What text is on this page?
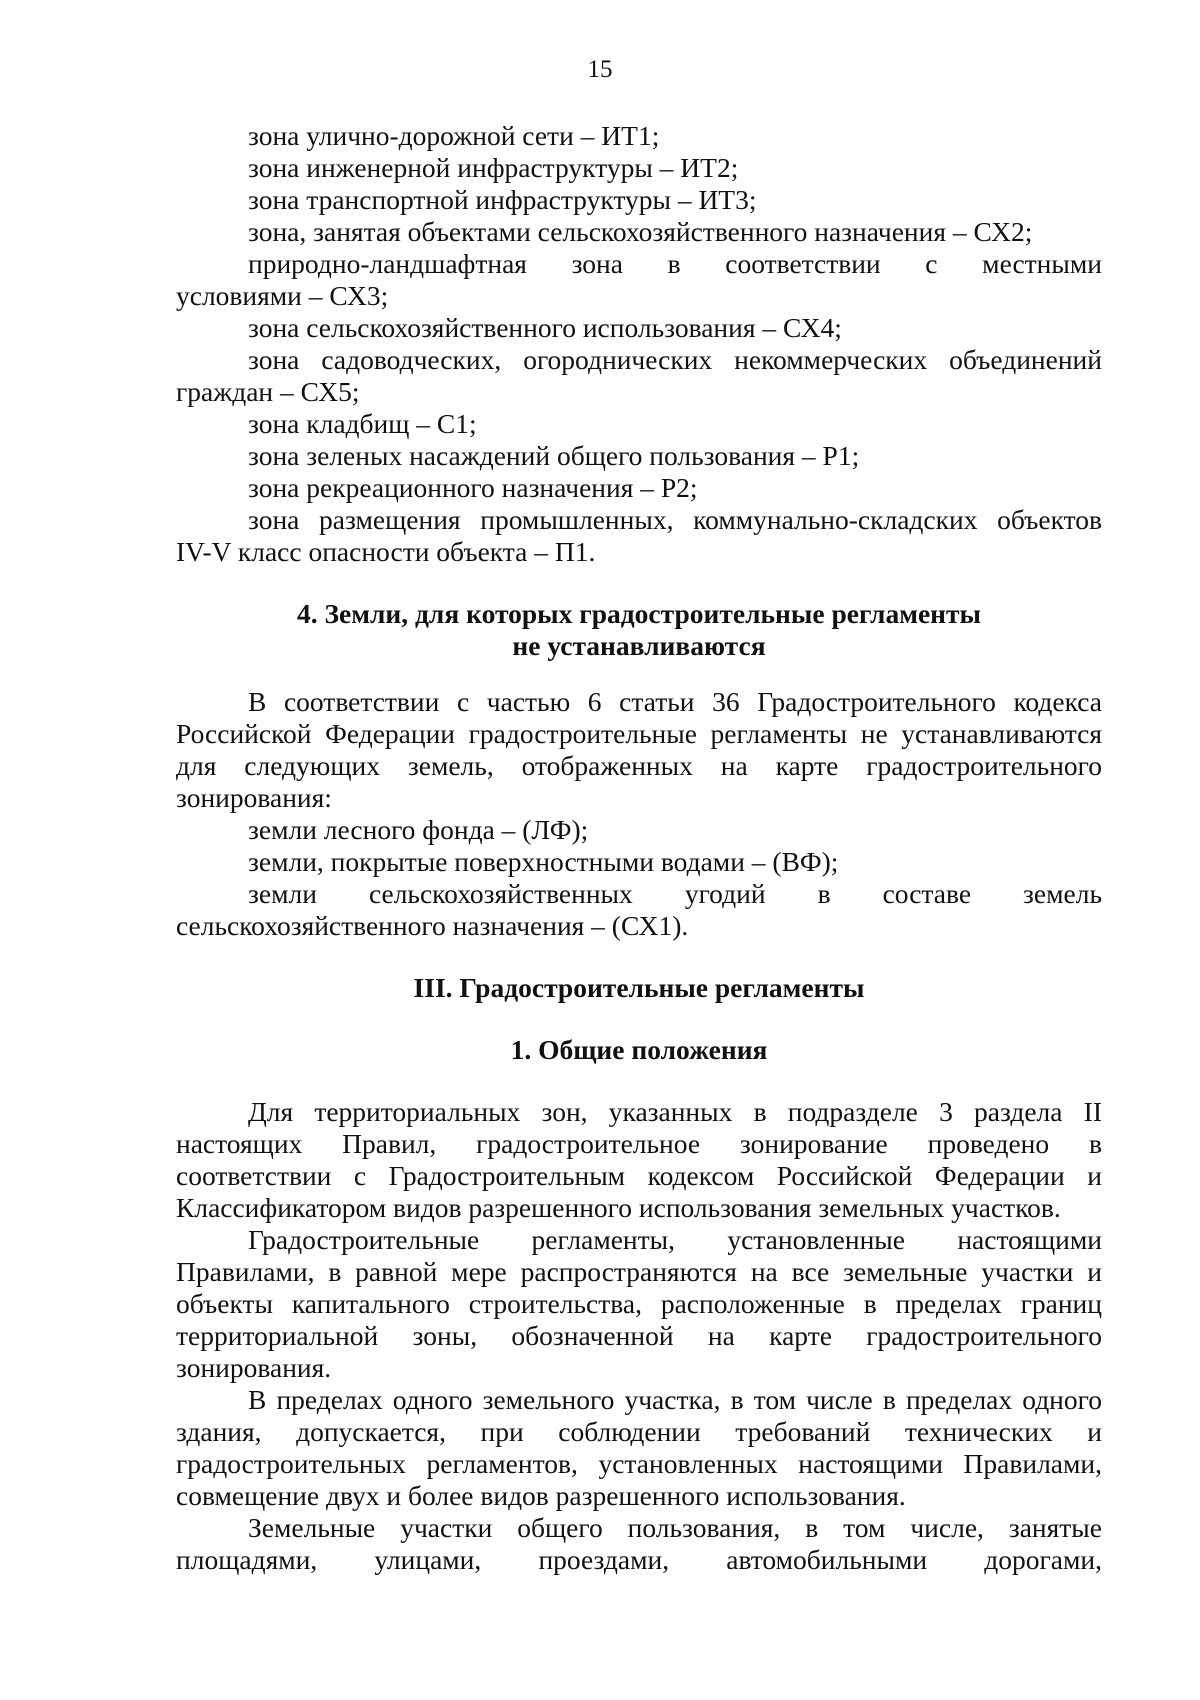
15

зона улично-дорожной сети – ИТ1;

зона инженерной инфраструктуры – ИТ2;

зона транспортной инфраструктуры – ИТ3;

зона, занятая объектами сельскохозяйственного назначения – СХ2;

природно-ландшафтная зона в соответствии с местными

условиями – СХ3;

зона сельскохозяйственного использования – СХ4;

зона садоводческих, огороднических некоммерческих объединений

граждан – СХ5;

зона кладбищ – С1;

зона зеленых насаждений общего пользования – Р1;

зона рекреационного назначения – Р2;

зона размещения промышленных, коммунально-складских объектов

IV-V класс опасности объекта – П1.

4. Земли, для которых градостроительные регламенты

не устанавливаются

В соответствии с частью 6 статьи 36 Градостроительного кодекса

Российской Федерации градостроительные регламенты не устанавливаются

для следующих земель, отображенных на карте градостроительного

зонирования:

земли лесного фонда – (ЛФ);

земли, покрытые поверхностными водами – (ВФ);

земли сельскохозяйственных угодий в составе земель

сельскохозяйственного назначения – (СХ1).

III. Градостроительные регламенты

1. Общие положения

Для территориальных зон, указанных в подразделе 3 раздела II

настоящих Правил, градостроительное зонирование проведено в

соответствии с Градостроительным кодексом Российской Федерации и

Классификатором видов разрешенного использования земельных участков.

Градостроительные регламенты, установленные настоящими

Правилами, в равной мере распространяются на все земельные участки и

объекты капитального строительства, расположенные в пределах границ

территориальной зоны, обозначенной на карте градостроительного

зонирования.

В пределах одного земельного участка, в том числе в пределах одного

здания, допускается, при соблюдении требований технических и

градостроительных регламентов, установленных настоящими Правилами,

совмещение двух и более видов разрешенного использования.

Земельные участки общего пользования, в том числе, занятые

площадями, улицами, проездами, автомобильными дорогами,
